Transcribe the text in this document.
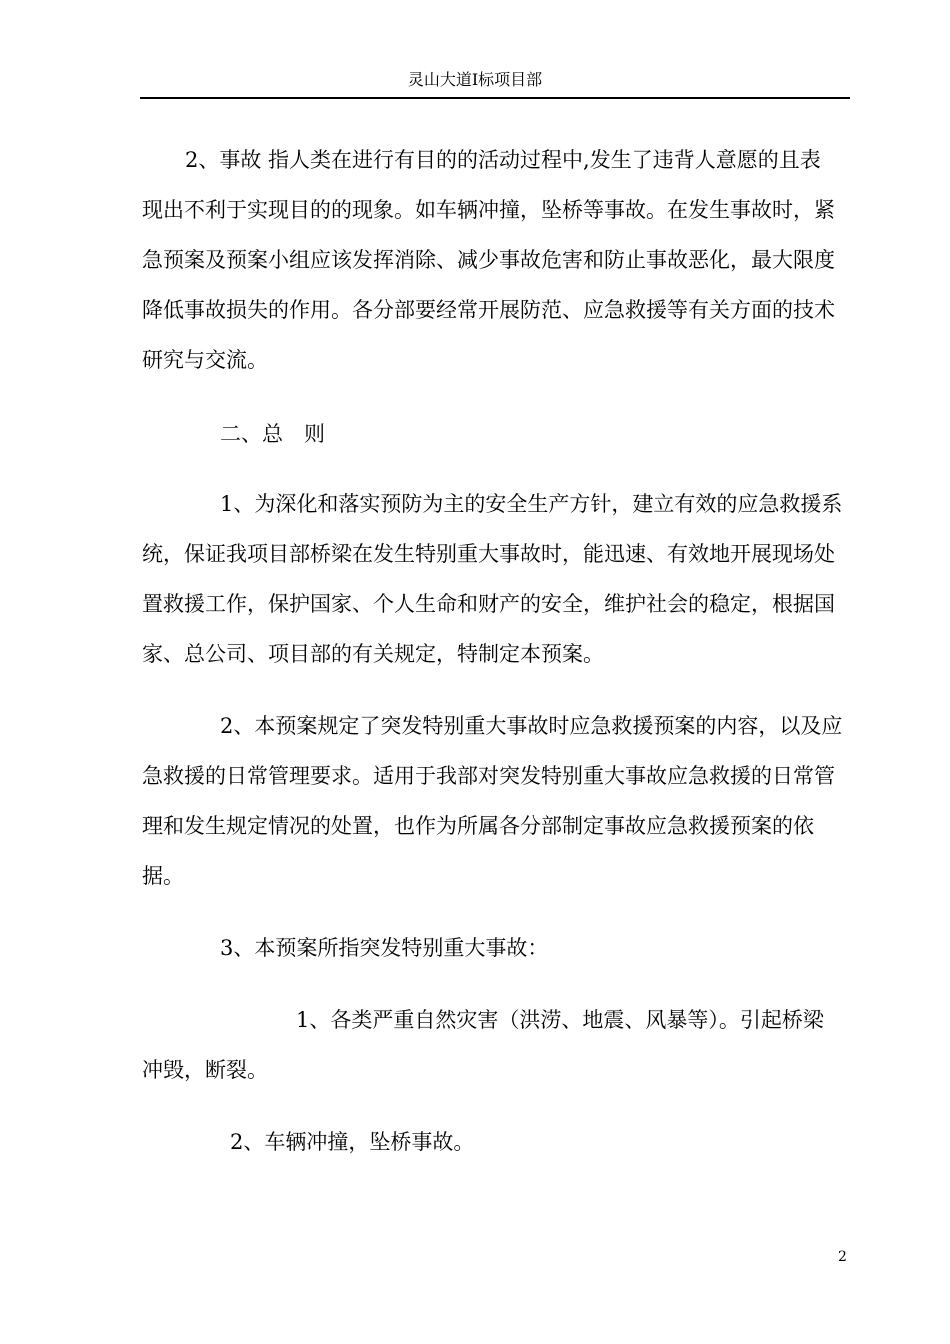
灵山大道I标项目部
2、事故 指人类在进行有目的的活动过程中,发生了违背人意愿的且表
现出不利于实现目的的现象。如车辆冲撞，坠桥等事故。在发生事故时，紧
急预案及预案小组应该发挥消除、减少事故危害和防止事故恶化，最大限度
降低事故损失的作用。各分部要经常开展防范、应急救援等有关方面的技术
研究与交流。
二、总　则
1、为深化和落实预防为主的安全生产方针，建立有效的应急救援系
统，保证我项目部桥梁在发生特别重大事故时，能迅速、有效地开展现场处
置救援工作，保护国家、个人生命和财产的安全，维护社会的稳定，根据国
家、总公司、项目部的有关规定，特制定本预案。
2、本预案规定了突发特别重大事故时应急救援预案的内容，以及应
急救援的日常管理要求。适用于我部对突发特别重大事故应急救援的日常管
理和发生规定情况的处置，也作为所属各分部制定事故应急救援预案的依
据。
3、本预案所指突发特别重大事故：
1、各类严重自然灾害（洪涝、地震、风暴等）。引起桥梁
冲毁，断裂。
2、车辆冲撞，坠桥事故。
2
